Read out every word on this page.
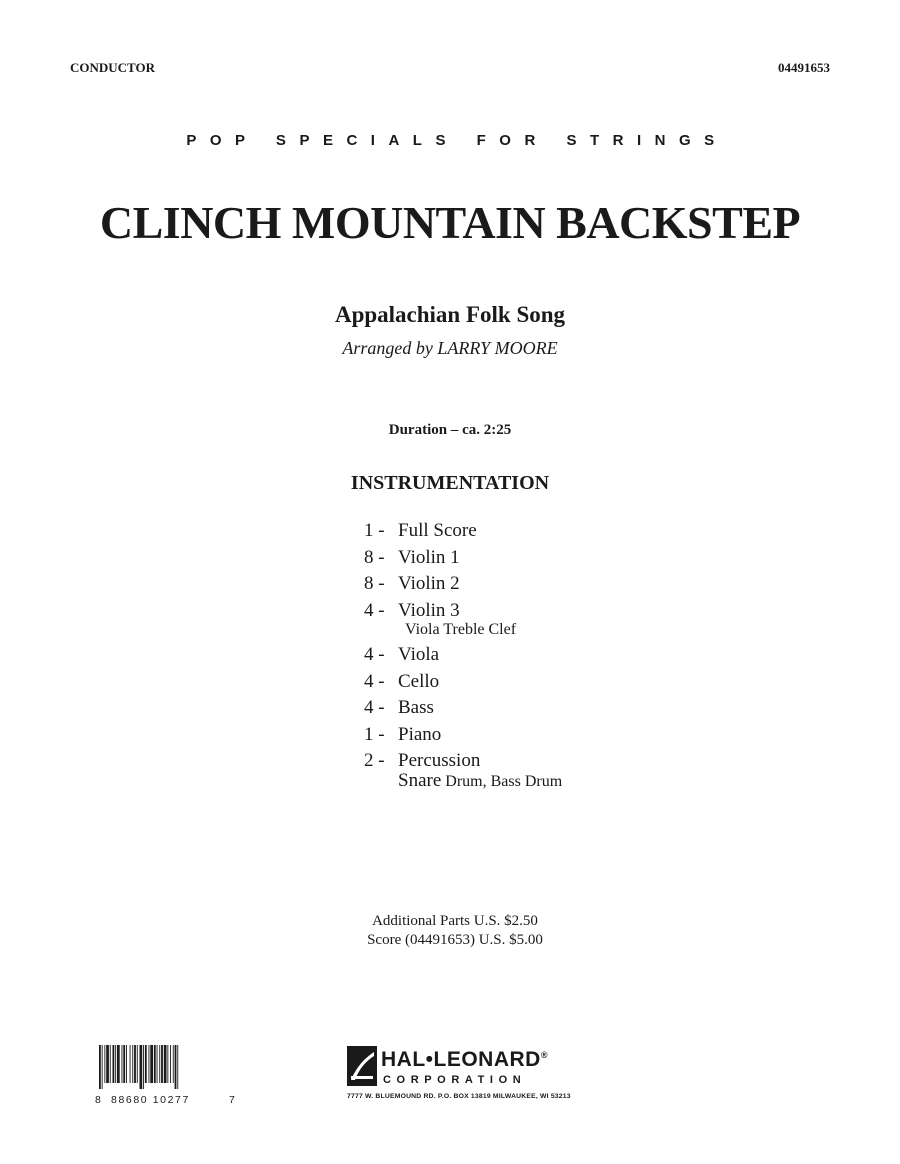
CONDUCTOR	04491653
POP SPECIALS FOR STRINGS
CLINCH MOUNTAIN BACKSTEP
Appalachian Folk Song
Arranged by LARRY MOORE
Duration – ca. 2:25
INSTRUMENTATION
1 - Full Score
8 - Violin 1
8 - Violin 2
4 - Violin 3
Viola Treble Clef
4 - Viola
4 - Cello
4 - Bass
1 - Piano
2 - Percussion
Snare Drum, Bass Drum
Additional Parts U.S. $2.50
Score (04491653) U.S. $5.00
8 88680 10277	7
HAL•LEONARD®
CORPORATION
7777 W. BLUEMOUND RD. P.O. BOX 13819 MILWAUKEE, WI 53213
